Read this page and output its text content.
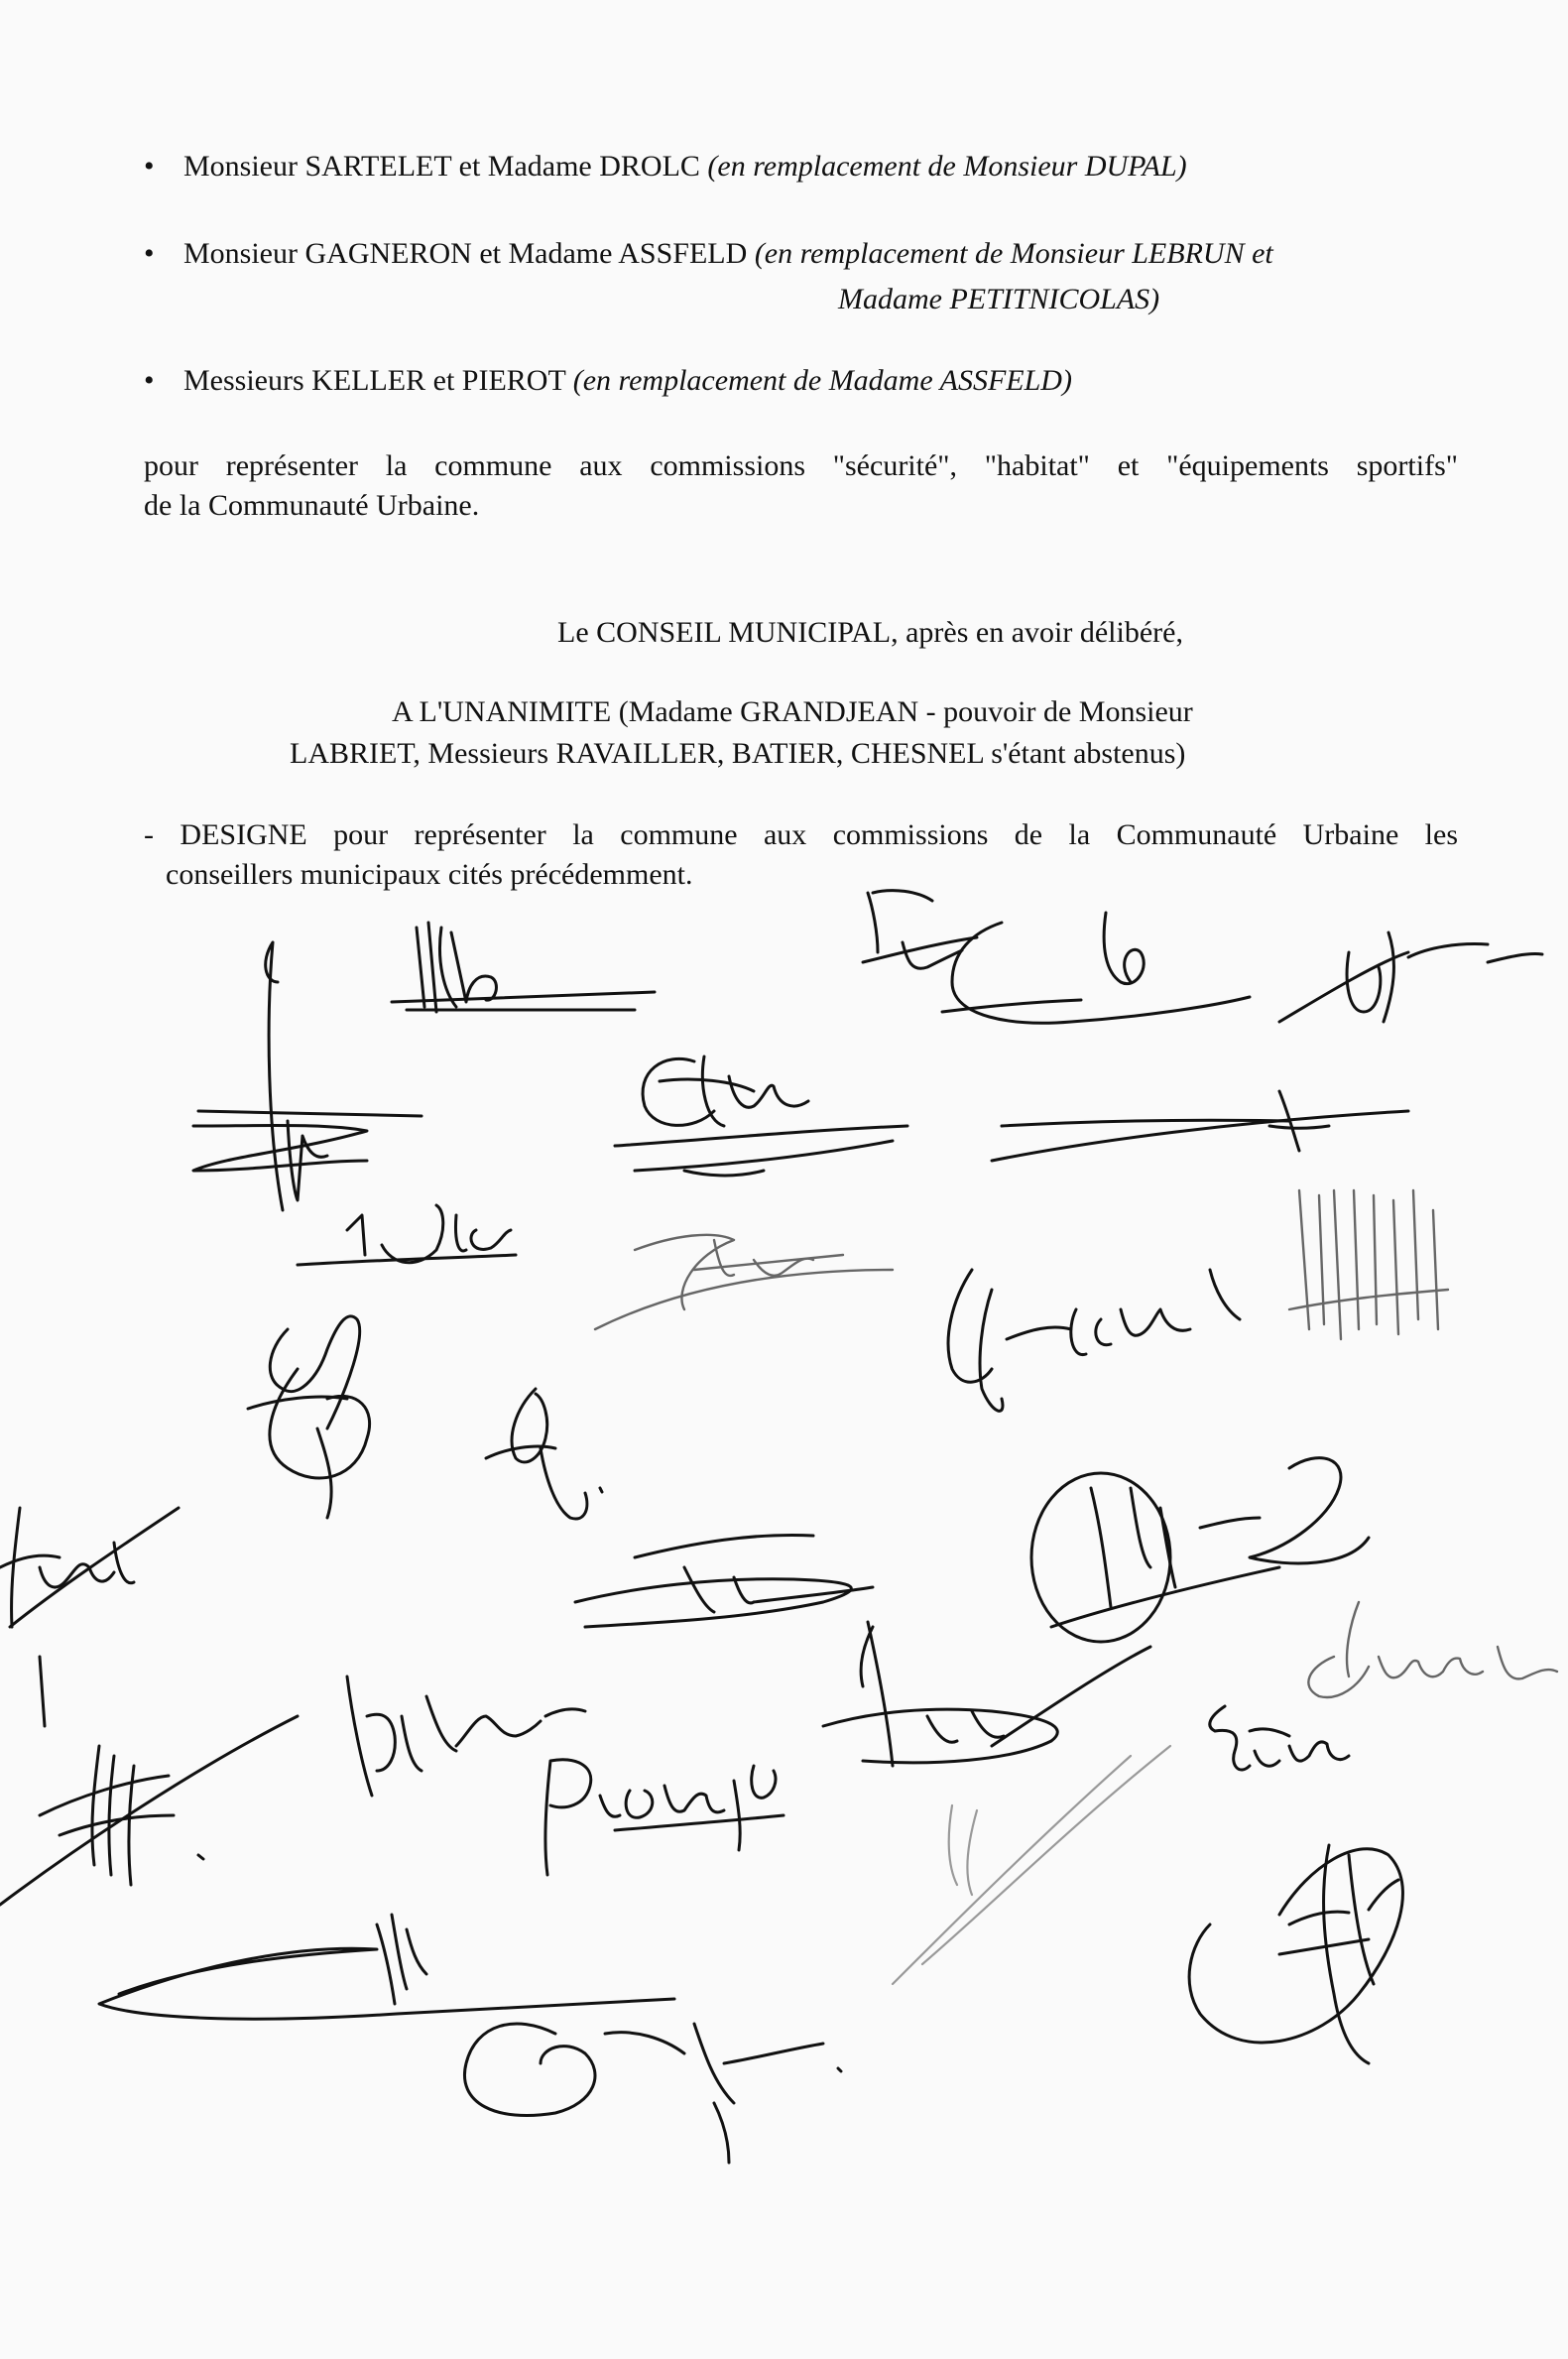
•Monsieur SARTELET et Madame DROLC (en remplacement de Monsieur DUPAL)
•Monsieur GAGNERON et Madame ASSFELD (en remplacement de Monsieur LEBRUN et
Madame PETITNICOLAS)
•Messieurs KELLER et PIEROT (en remplacement de Madame ASSFELD)
pour représenter la commune aux commissions "sécurité", "habitat" et "équipements sportifs"
de la Communauté Urbaine.
Le CONSEIL MUNICIPAL, après en avoir délibéré,
A L'UNANIMITE (Madame GRANDJEAN - pouvoir de Monsieur
LABRIET, Messieurs RAVAILLER, BATIER, CHESNEL s'étant abstenus)
- DESIGNE pour représenter la commune aux commissions de la Communauté Urbaine les
conseillers municipaux cités précédemment.
